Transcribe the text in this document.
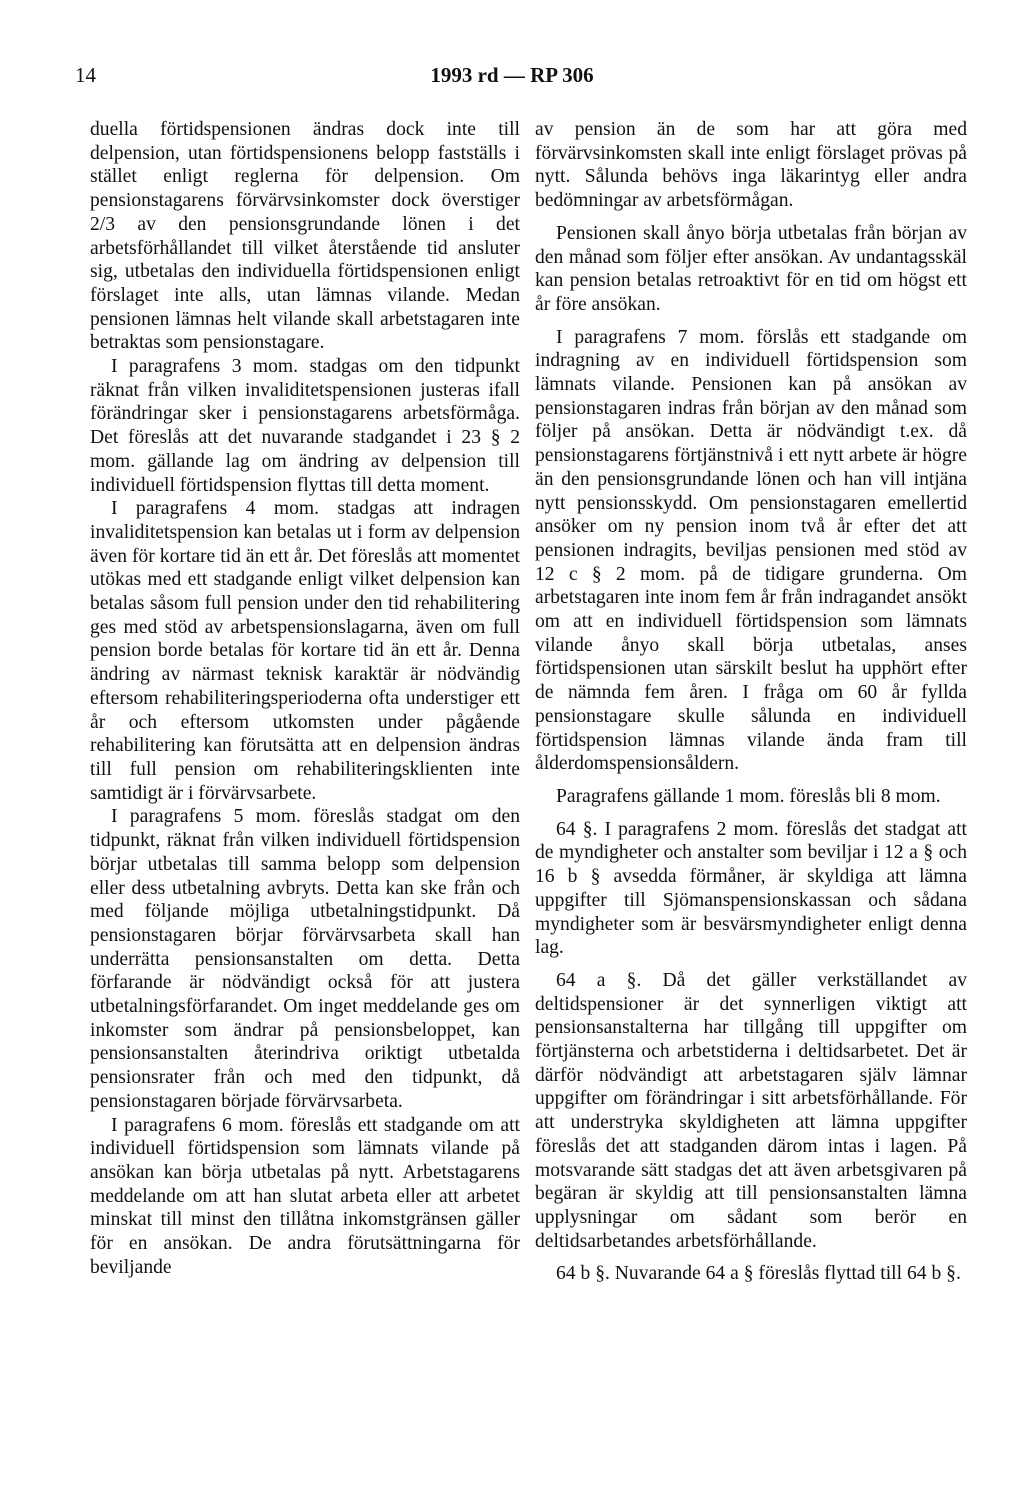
14	1993 rd — RP 306

duella förtidspensionen ändras dock inte till delpension, utan förtidspensionens belopp fastställs i stället enligt reglerna för delpension. Om pensionstagarens förvärvsinkomster dock överstiger 2/3 av den pensionsgrundande lönen i det arbetsförhållandet till vilket återstående tid ansluter sig, utbetalas den individuella förtidspensionen enligt förslaget inte alls, utan lämnas vilande. Medan pensionen lämnas helt vilande skall arbetstagaren inte betraktas som pensionstagare.

I paragrafens 3 mom. stadgas om den tidpunkt räknat från vilken invaliditetspensionen justeras ifall förändringar sker i pensionstagarens arbetsförmåga. Det föreslås att det nuvarande stadgandet i 23 § 2 mom. gällande lag om ändring av delpension till individuell förtidspension flyttas till detta moment.

I paragrafens 4 mom. stadgas att indragen invaliditetspension kan betalas ut i form av delpension även för kortare tid än ett år. Det föreslås att momentet utökas med ett stadgande enligt vilket delpension kan betalas såsom full pension under den tid rehabilitering ges med stöd av arbetspensionslagarna, även om full pension borde betalas för kortare tid än ett år. Denna ändring av närmast teknisk karaktär är nödvändig eftersom rehabiliteringsperioderna ofta understiger ett år och eftersom utkomsten under pågående rehabilitering kan förutsätta att en delpension ändras till full pension om rehabiliteringsklienten inte samtidigt är i förvärvsarbete.

I paragrafens 5 mom. föreslås stadgat om den tidpunkt, räknat från vilken individuell förtidspension börjar utbetalas till samma belopp som delpension eller dess utbetalning avbryts. Detta kan ske från och med följande möjliga utbetalningstidpunkt. Då pensionstagaren börjar förvärvsarbeta skall han underrätta pensionsanstalten om detta. Detta förfarande är nödvändigt också för att justera utbetalningsförfarandet. Om inget meddelande ges om inkomster som ändrar på pensionsbeloppet, kan pensionsanstalten återindriva oriktigt utbetalda pensionsrater från och med den tidpunkt, då pensionstagaren började förvärvsarbeta.

I paragrafens 6 mom. föreslås ett stadgande om att individuell förtidspension som lämnats vilande på ansökan kan börja utbetalas på nytt. Arbetstagarens meddelande om att han slutat arbeta eller att arbetet minskat till minst den tillåtna inkomstgränsen gäller för en ansökan. De andra förutsättningarna för beviljande

av pension än de som har att göra med förvärvsinkomsten skall inte enligt förslaget prövas på nytt. Sålunda behövs inga läkarintyg eller andra bedömningar av arbetsförmågan.

Pensionen skall ånyo börja utbetalas från början av den månad som följer efter ansökan. Av undantagsskäl kan pension betalas retroaktivt för en tid om högst ett år före ansökan.

I paragrafens 7 mom. förslås ett stadgande om indragning av en individuell förtidspension som lämnats vilande. Pensionen kan på ansökan av pensionstagaren indras från början av den månad som följer på ansökan. Detta är nödvändigt t.ex. då pensionstagarens förtjänstnivå i ett nytt arbete är högre än den pensionsgrundande lönen och han vill intjäna nytt pensionsskydd. Om pensionstagaren emellertid ansöker om ny pension inom två år efter det att pensionen indragits, beviljas pensionen med stöd av 12 c § 2 mom. på de tidigare grunderna. Om arbetstagaren inte inom fem år från indragandet ansökt om att en individuell förtidspension som lämnats vilande ånyo skall börja utbetalas, anses förtidspensionen utan särskilt beslut ha upphört efter de nämnda fem åren. I fråga om 60 år fyllda pensionstagare skulle sålunda en individuell förtidspension lämnas vilande ända fram till ålderdomspensionsåldern.

Paragrafens gällande 1 mom. föreslås bli 8 mom.

64 §. I paragrafens 2 mom. föreslås det stadgat att de myndigheter och anstalter som beviljar i 12 a § och 16 b § avsedda förmåner, är skyldiga att lämna uppgifter till Sjömanspensionskassan och sådana myndigheter som är besvärsmyndigheter enligt denna lag.

64 a §. Då det gäller verkställandet av deltidspensioner är det synnerligen viktigt att pensionsanstalterna har tillgång till uppgifter om förtjänsterna och arbetstiderna i deltidsarbetet. Det är därför nödvändigt att arbetstagaren själv lämnar uppgifter om förändringar i sitt arbetsförhållande. För att understryka skyldigheten att lämna uppgifter föreslås det att stadganden därom intas i lagen. På motsvarande sätt stadgas det att även arbetsgivaren på begäran är skyldig att till pensionsanstalten lämna upplysningar om sådant som berör en deltidsarbetandes arbetsförhållande.

64 b §. Nuvarande 64 a § föreslås flyttad till 64 b §.
